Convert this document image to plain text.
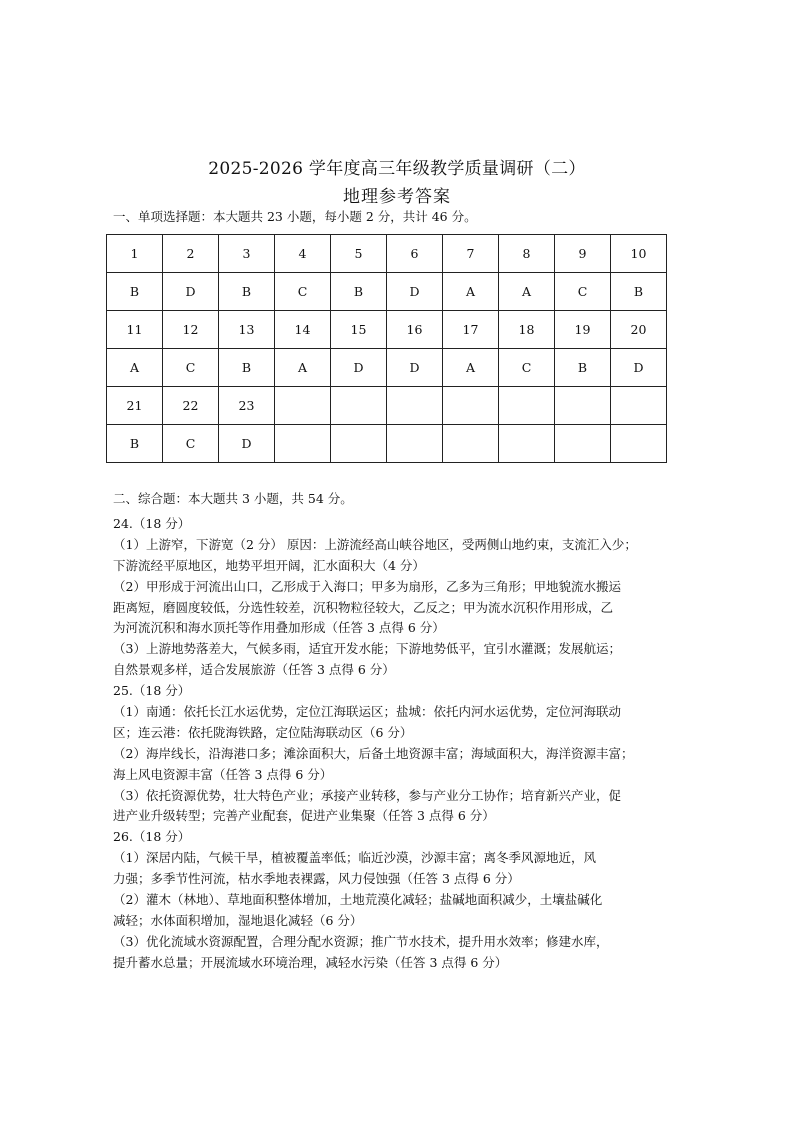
2025-2026 学年度高三年级教学质量调研（二）
地理参考答案
一、单项选择题：本大题共 23 小题，每小题 2 分，共计 46 分。
1	2	3	4	5	6	7	8	9	10
B	D	B	C	B	D	A	A	C	B
11	12	13	14	15	16	17	18	19	20
A	C	B	A	D	D	A	C	B	D
21	22	23							
B	C	D							
二、综合题：本大题共 3 小题，共 54 分。
24.（18 分）
（1）上游窄，下游宽（2 分） 原因：上游流经高山峡谷地区，受两侧山地约束，支流汇入少；
下游流经平原地区，地势平坦开阔，汇水面积大（4 分）
（2）甲形成于河流出山口，乙形成于入海口；甲多为扇形，乙多为三角形；甲地貌流水搬运
距离短，磨圆度较低，分选性较差，沉积物粒径较大，乙反之；甲为流水沉积作用形成，乙
为河流沉积和海水顶托等作用叠加形成（任答 3 点得 6 分）
（3）上游地势落差大，气候多雨，适宜开发水能；下游地势低平，宜引水灌溉；发展航运；
自然景观多样，适合发展旅游（任答 3 点得 6 分）
25.（18 分）
（1）南通：依托长江水运优势，定位江海联运区；盐城：依托内河水运优势，定位河海联动
区；连云港：依托陇海铁路，定位陆海联动区（6 分）
（2）海岸线长，沿海港口多；滩涂面积大，后备土地资源丰富；海域面积大，海洋资源丰富；
海上风电资源丰富（任答 3 点得 6 分）
（3）依托资源优势，壮大特色产业；承接产业转移，参与产业分工协作；培育新兴产业，促
进产业升级转型；完善产业配套，促进产业集聚（任答 3 点得 6 分）
26.（18 分）
（1）深居内陆，气候干旱，植被覆盖率低；临近沙漠，沙源丰富；离冬季风源地近，风
力强；多季节性河流，枯水季地表裸露，风力侵蚀强（任答 3 点得 6 分）
（2）灌木（林地）、草地面积整体增加，土地荒漠化减轻；盐碱地面积减少，土壤盐碱化
减轻；水体面积增加，湿地退化减轻（6 分）
（3）优化流域水资源配置，合理分配水资源；推广节水技术，提升用水效率；修建水库，
提升蓄水总量；开展流域水环境治理，减轻水污染（任答 3 点得 6 分）
